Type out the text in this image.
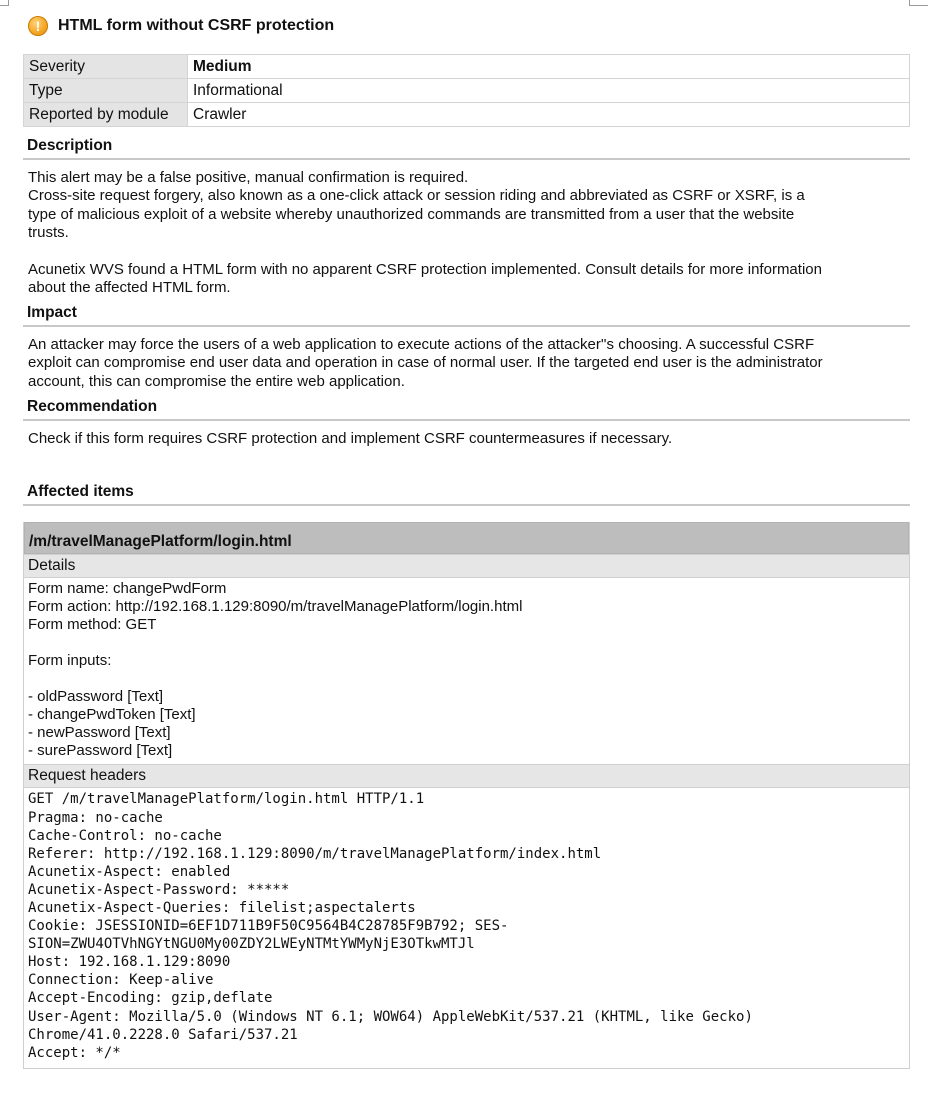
!	HTML form without CSRF protection
Severity	Medium
Type	Informational
Reported by module	Crawler
Description
This alert may be a false positive, manual confirmation is required.
Cross-site request forgery, also known as a one-click attack or session riding and abbreviated as CSRF or XSRF, is a
type of malicious exploit of a website whereby unauthorized commands are transmitted from a user that the website
trusts.
Acunetix WVS found a HTML form with no apparent CSRF protection implemented. Consult details for more information
about the affected HTML form.
Impact
An attacker may force the users of a web application to execute actions of the attacker''s choosing. A successful CSRF
exploit can compromise end user data and operation in case of normal user. If the targeted end user is the administrator
account, this can compromise the entire web application.
Recommendation
Check if this form requires CSRF protection and implement CSRF countermeasures if necessary.
Affected items
/m/travelManagePlatform/login.html
Details
Form name: changePwdForm
Form action: http://192.168.1.129:8090/m/travelManagePlatform/login.html
Form method: GET
Form inputs:
- oldPassword [Text]
- changePwdToken [Text]
- newPassword [Text]
- surePassword [Text]
Request headers
GET /m/travelManagePlatform/login.html HTTP/1.1
Pragma: no-cache
Cache-Control: no-cache
Referer: http://192.168.1.129:8090/m/travelManagePlatform/index.html
Acunetix-Aspect: enabled
Acunetix-Aspect-Password: *****
Acunetix-Aspect-Queries: filelist;aspectalerts
Cookie: JSESSIONID=6EF1D711B9F50C9564B4C28785F9B792; SES-
SION=ZWU4OTVhNGYtNGU0My00ZDY2LWEyNTMtYWMyNjE3OTkwMTJl
Host: 192.168.1.129:8090
Connection: Keep-alive
Accept-Encoding: gzip,deflate
User-Agent: Mozilla/5.0 (Windows NT 6.1; WOW64) AppleWebKit/537.21 (KHTML, like Gecko)
Chrome/41.0.2228.0 Safari/537.21
Accept: */*
